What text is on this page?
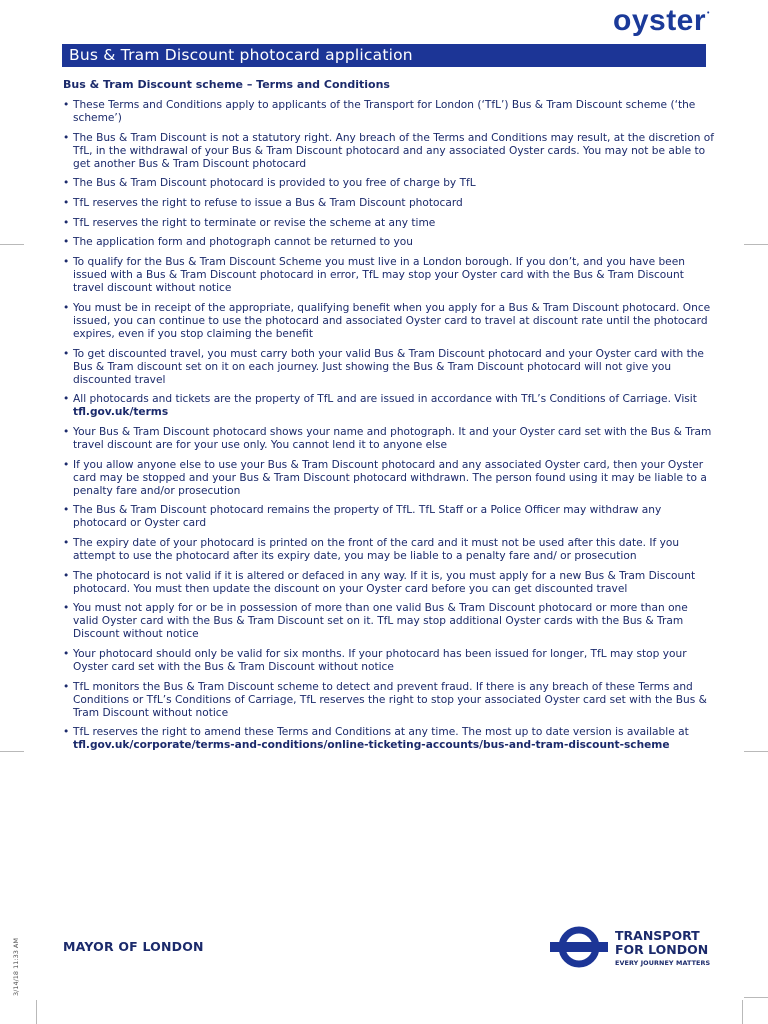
oyster•
Bus & Tram Discount photocard application
Bus & Tram Discount scheme – Terms and Conditions
• These Terms and Conditions apply to applicants of the Transport for London (‘TfL’) Bus & Tram Discount scheme (‘the scheme’)
• The Bus & Tram Discount is not a statutory right. Any breach of the Terms and Conditions may result, at the discretion of TfL, in the withdrawal of your Bus & Tram Discount photocard and any associated Oyster cards. You may not be able to get another Bus & Tram Discount photocard
• The Bus & Tram Discount photocard is provided to you free of charge by TfL
• TfL reserves the right to refuse to issue a Bus & Tram Discount photocard
• TfL reserves the right to terminate or revise the scheme at any time
• The application form and photograph cannot be returned to you
• To qualify for the Bus & Tram Discount Scheme you must live in a London borough. If you don’t, and you have been issued with a Bus & Tram Discount photocard in error, TfL may stop your Oyster card with the Bus & Tram Discount travel discount without notice
• You must be in receipt of the appropriate, qualifying benefit when you apply for a Bus & Tram Discount photocard. Once issued, you can continue to use the photocard and associated Oyster card to travel at discount rate until the photocard expires, even if you stop claiming the benefit
• To get discounted travel, you must carry both your valid Bus & Tram Discount photocard and your Oyster card with the Bus & Tram discount set on it on each journey. Just showing the Bus & Tram Discount photocard will not give you discounted travel
• All photocards and tickets are the property of TfL and are issued in accordance with TfL’s Conditions of Carriage. Visit tfl.gov.uk/terms
• Your Bus & Tram Discount photocard shows your name and photograph. It and your Oyster card set with the Bus & Tram travel discount are for your use only. You cannot lend it to anyone else
• If you allow anyone else to use your Bus & Tram Discount photocard and any associated Oyster card, then your Oyster card may be stopped and your Bus & Tram Discount photocard withdrawn. The person found using it may be liable to a penalty fare and/or prosecution
• The Bus & Tram Discount photocard remains the property of TfL. TfL Staff or a Police Officer may withdraw any photocard or Oyster card
• The expiry date of your photocard is printed on the front of the card and it must not be used after this date. If you attempt to use the photocard after its expiry date, you may be liable to a penalty fare and/ or prosecution
• The photocard is not valid if it is altered or defaced in any way. If it is, you must apply for a new Bus & Tram Discount photocard. You must then update the discount on your Oyster card before you can get discounted travel
• You must not apply for or be in possession of more than one valid Bus & Tram Discount photocard or more than one valid Oyster card with the Bus & Tram Discount set on it. TfL may stop additional Oyster cards with the Bus & Tram Discount without notice
• Your photocard should only be valid for six months. If your photocard has been issued for longer, TfL may stop your Oyster card set with the Bus & Tram Discount without notice
• TfL monitors the Bus & Tram Discount scheme to detect and prevent fraud. If there is any breach of these Terms and Conditions or TfL’s Conditions of Carriage, TfL reserves the right to stop your associated Oyster card set with the Bus & Tram Discount without notice
• TfL reserves the right to amend these Terms and Conditions at any time. The most up to date version is available at tfl.gov.uk/corporate/terms-and-conditions/online-ticketing-accounts/bus-and-tram-discount-scheme
3/14/18 11:33 AM	MAYOR OF LONDON
TRANSPORT
FOR LONDON
EVERY JOURNEY MATTERS
